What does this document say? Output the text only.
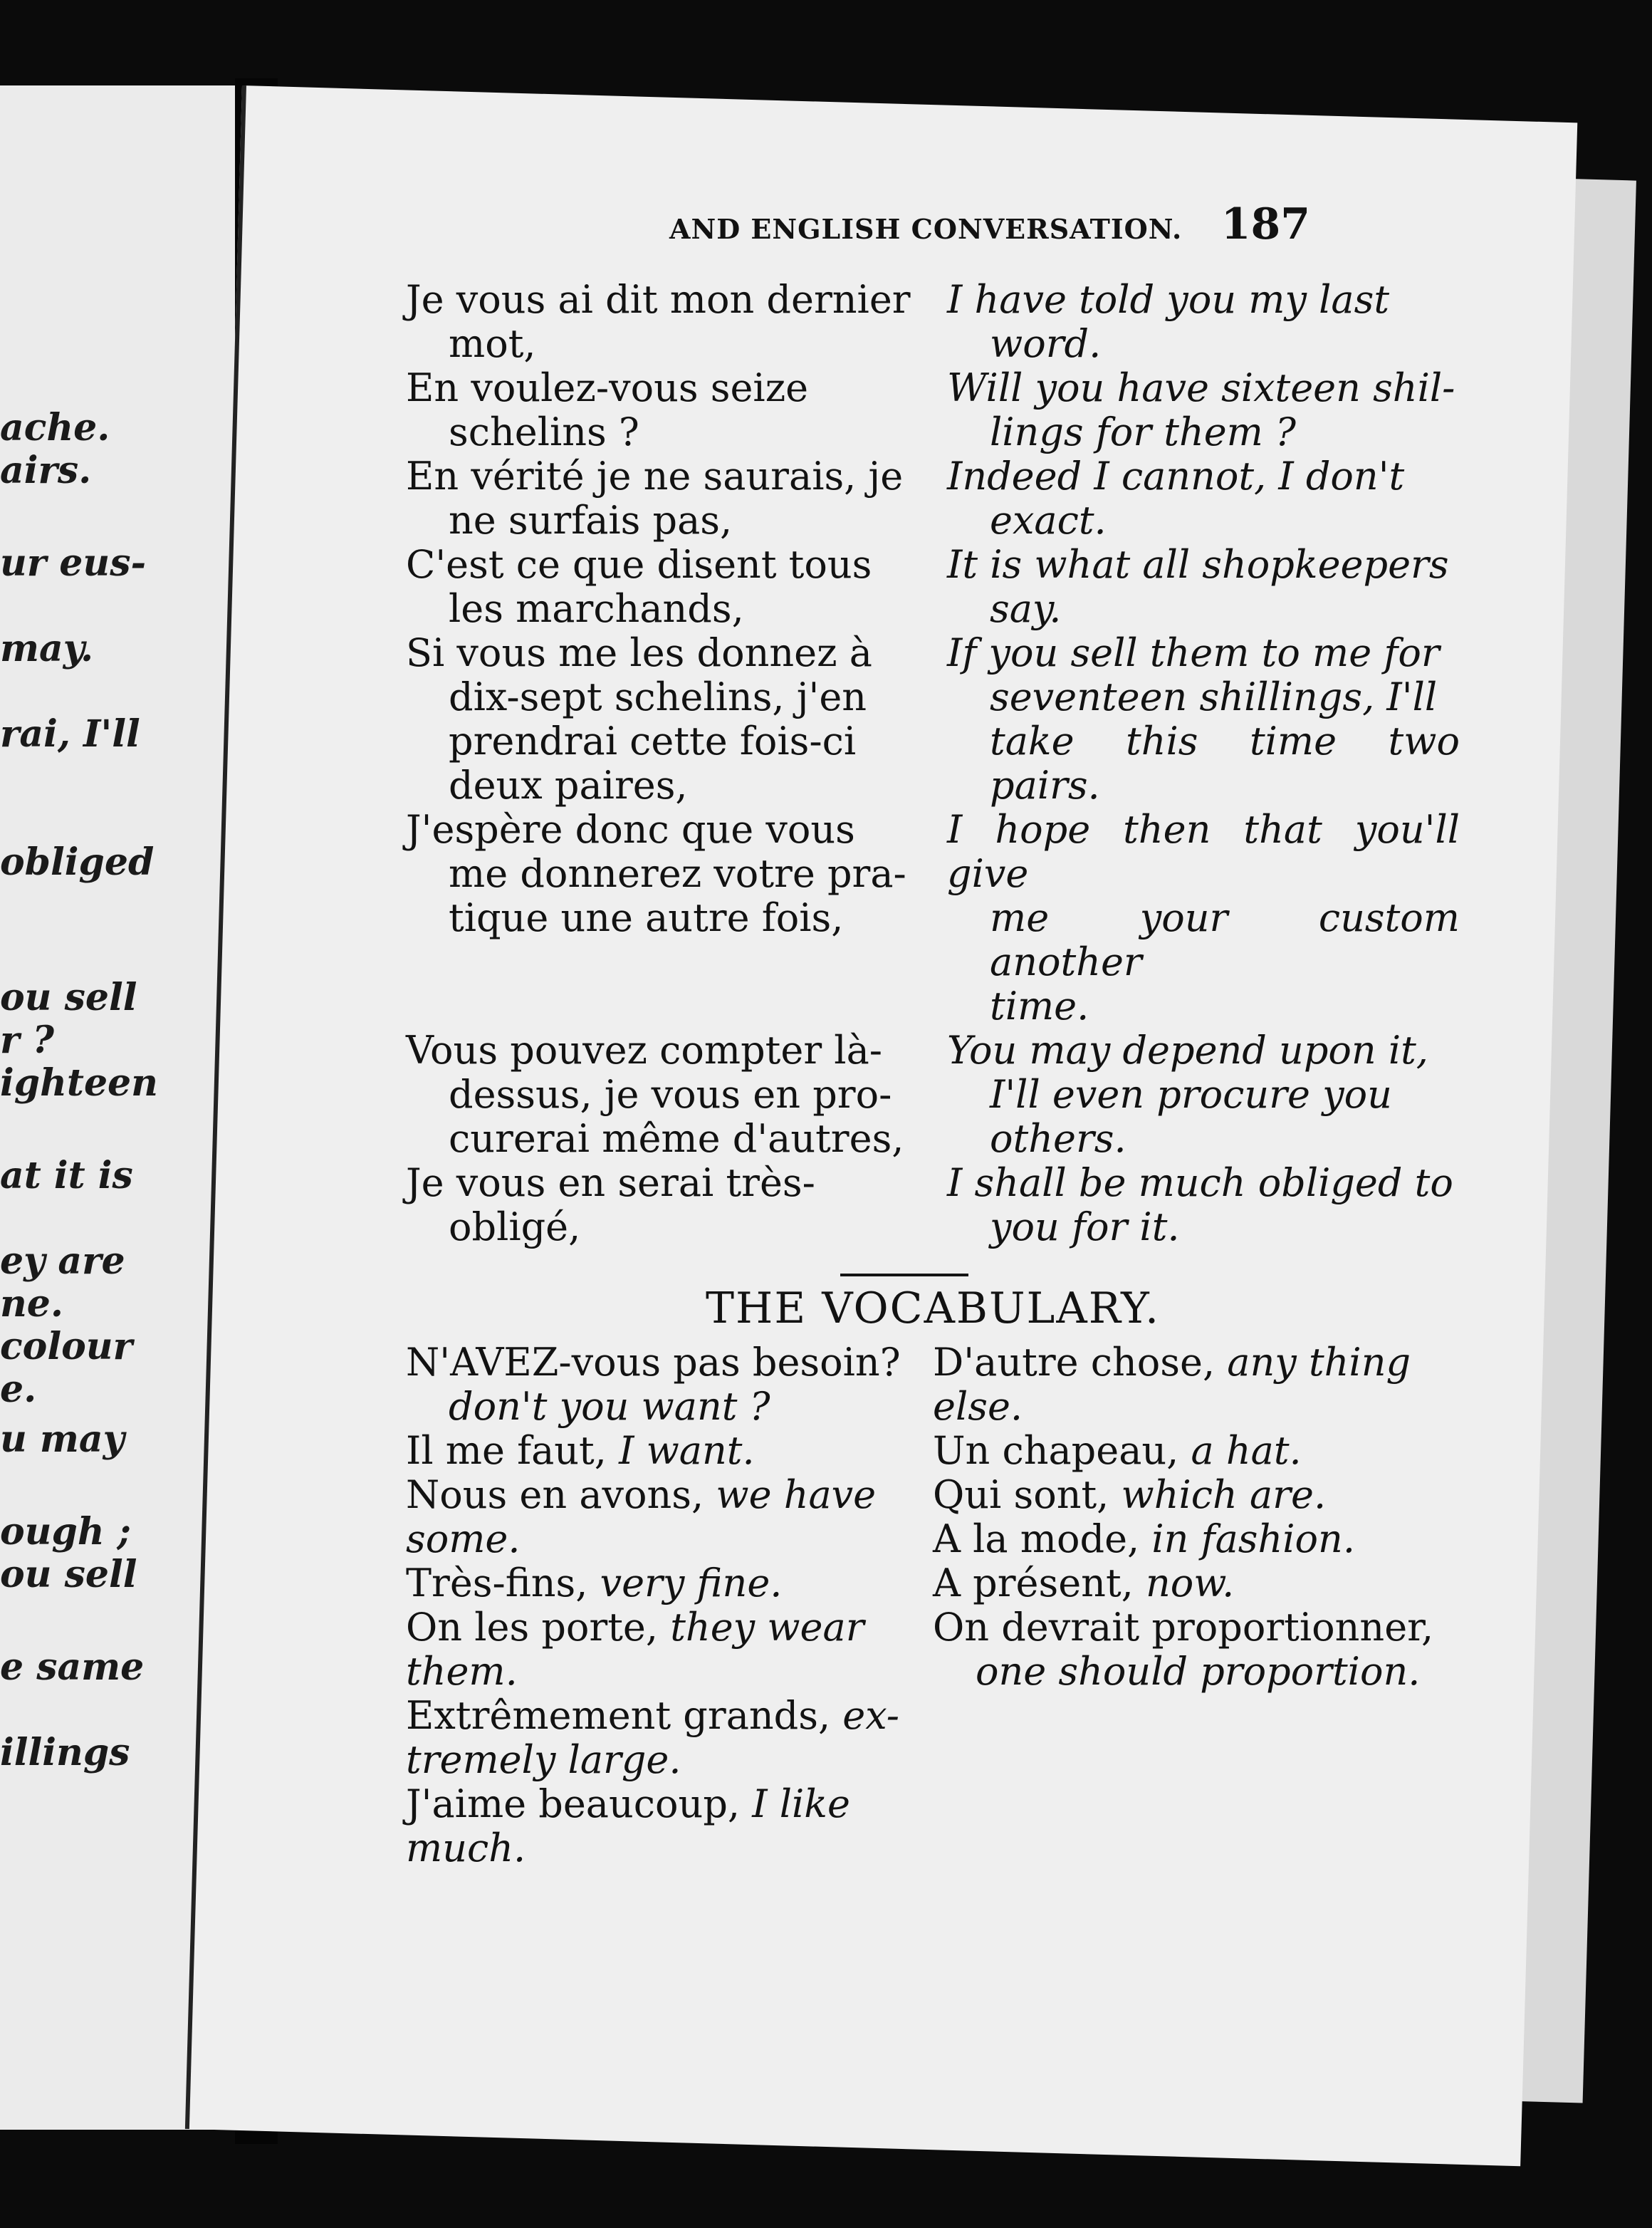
ache.
airs.
ur eus-
may.
rai, I'll
obliged
ou sell
r ?
ighteen
at it is
ey are
ne.
colour
e.
u may
ough ;
ou sell
e same
illings
AND ENGLISH CONVERSATION. 187
Je vous ai dit mon dernier
mot,
I have told you my last
word.
En voulez-vous seize
schelins ?
Will you have sixteen shil-
lings for them ?
En vérité je ne saurais, je
ne surfais pas,
Indeed I cannot, I don't
exact.
C'est ce que disent tous
les marchands,
It is what all shopkeepers
say.
Si vous me les donnez à
dix-sept schelins, j'en
prendrai cette fois-ci
deux paires,
If you sell them to me for
seventeen shillings, I'll
take this time two pairs.
J'espère donc que vous
me donnerez votre pra-
tique une autre fois,
I hope then that you'll give
me your custom another
time.
Vous pouvez compter là-
dessus, je vous en pro-
curerai même d'autres,
You may depend upon it,
I'll even procure you
others.
Je vous en serai très-
obligé,
I shall be much obliged to
you for it.
THE VOCABULARY.
N'AVEZ-vous pas besoin?
don't you want ?
Il me faut, I want.
Nous en avons, we have some.
Très-fins, very fine.
On les porte, they wear them.
Extrêmement grands, ex- tremely large.
J'aime beaucoup, I like much.
D'autre chose, any thing else.
Un chapeau, a hat.
Qui sont, which are.
A la mode, in fashion.
A présent, now.
On devrait proportionner,
one should proportion.
